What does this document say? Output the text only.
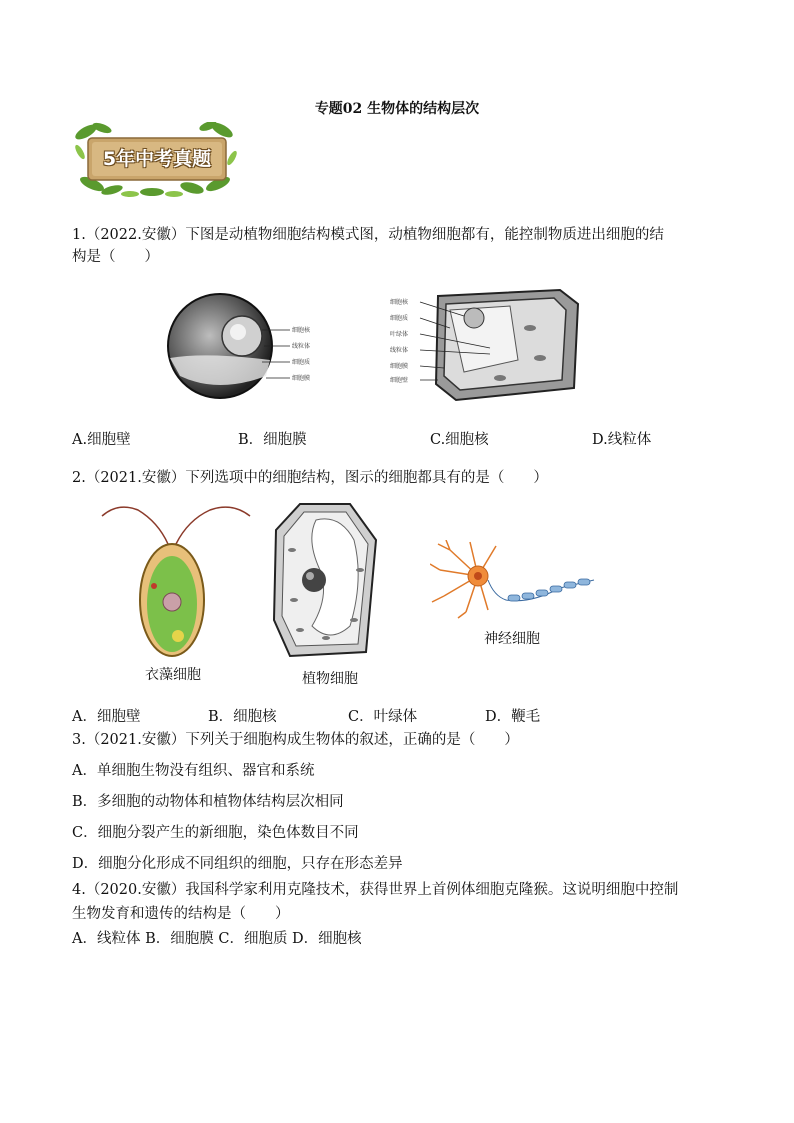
专题02 生物体的结构层次
5年中考真题
1.（2022.安徽）下图是动植物细胞结构模式图，动植物细胞都有，能控制物质进出细胞的结
构是（　　）
细胞核
线粒体
细胞质
细胞膜
细胞核
细胞质
叶绿体
线粒体
细胞膜
细胞壁
A.细胞壁	B．细胞膜	C.细胞核	D.线粒体
2.（2021.安徽）下列选项中的细胞结构，图示的细胞都具有的是（　　）
衣藻细胞	植物细胞
神经细胞
A．细胞壁	B．细胞核	C．叶绿体	D．鞭毛
3.（2021.安徽）下列关于细胞构成生物体的叙述，正确的是（　　）
A．单细胞生物没有组织、器官和系统
B．多细胞的动物体和植物体结构层次相同
C．细胞分裂产生的新细胞，染色体数目不同
D．细胞分化形成不同组织的细胞，只存在形态差异
4.（2020.安徽）我国科学家利用克隆技术，获得世界上首例体细胞克隆猴。这说明细胞中控制
生物发育和遗传的结构是（　　）
A．线粒体 B．细胞膜 C．细胞质 D．细胞核
